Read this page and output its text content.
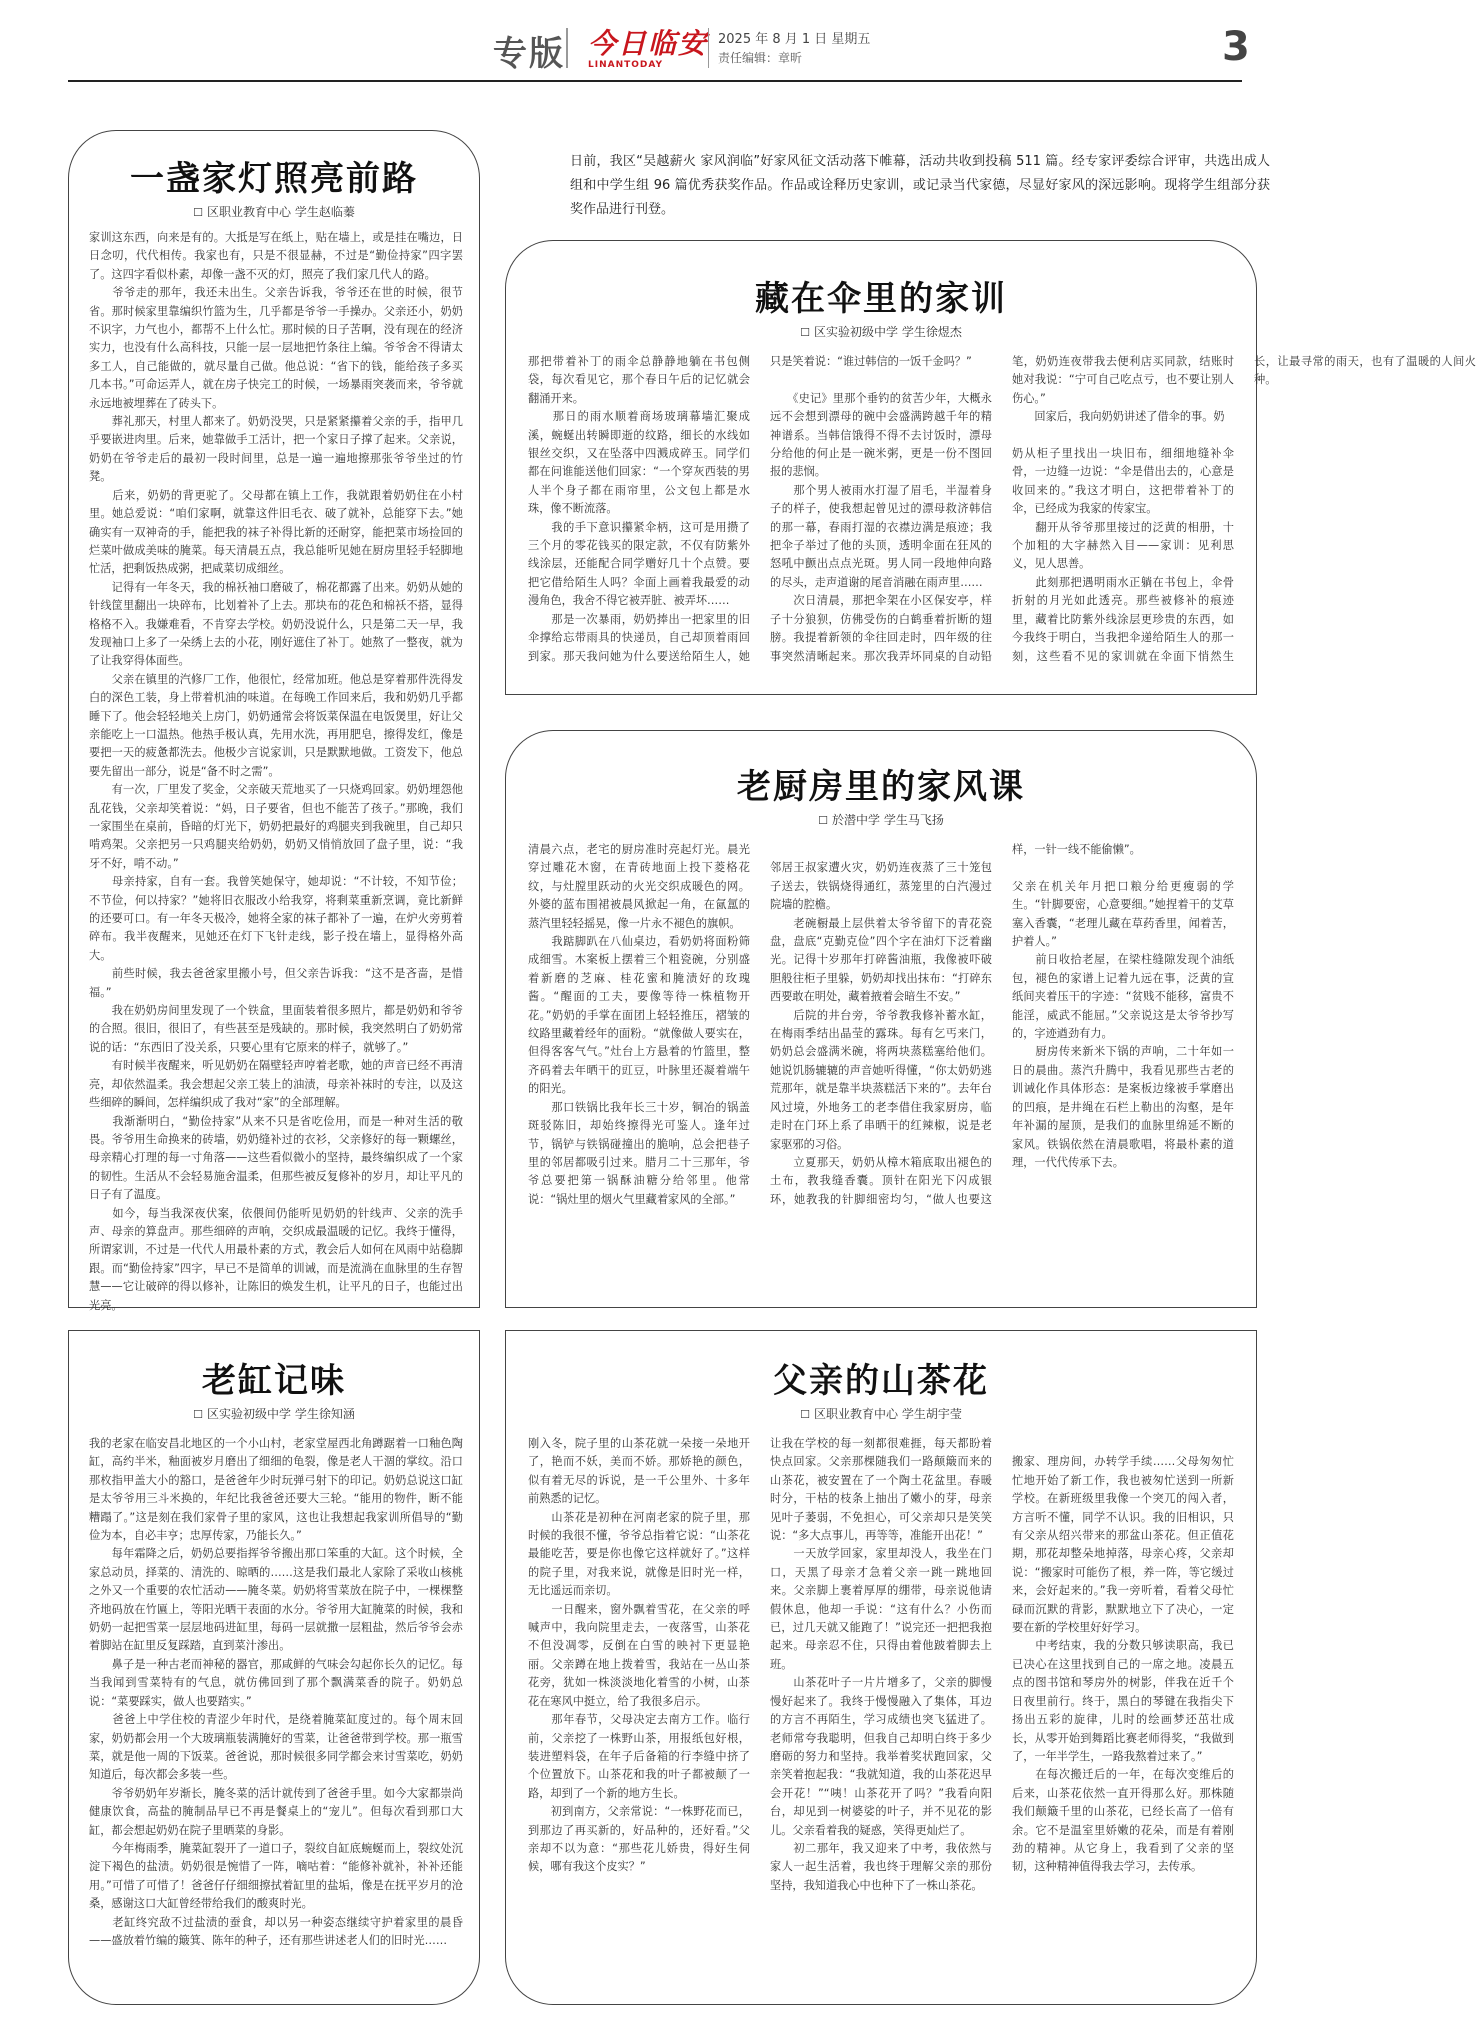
专版 今日临安
LINANTODAY
2025 年 8 月 1 日 星期五
责任编辑：章昕	3
日前，我区“吴越薪火 家风润临”好家风征文活动落下帷幕，活动共收到投稿 511 篇。经专家评委综合评审，共选出成人组和中学生组 96 篇优秀获奖作品。作品或诠释历史家训，或记录当代家德，尽显好家风的深远影响。现将学生组部分获奖作品进行刊登。
一盏家灯照亮前路
☐ 区职业教育中心 学生赵临蓁
家训这东西，向来是有的。大抵是写在纸上，贴在墙上，或是挂在嘴边，日日念叨，代代相传。我家也有，只是不很显赫，不过是“勤俭持家”四字罢了。这四字看似朴素，却像一盏不灭的灯，照亮了我们家几代人的路。
　　爷爷走的那年，我还未出生。父亲告诉我，爷爷还在世的时候，很节省。那时候家里靠编织竹篮为生，几乎都是爷爷一手操办。父亲还小，奶奶不识字，力气也小，都帮不上什么忙。那时候的日子苦啊，没有现在的经济实力，也没有什么高科技，只能一层一层地把竹条往上编。爷爷舍不得请太多工人，自己能做的，就尽量自己做。他总说：“省下的钱，能给孩子多买几本书。”可命运弄人，就在房子快完工的时候，一场暴雨突袭而来，爷爷就永远地被埋葬在了砖头下。
　　葬礼那天，村里人都来了。奶奶没哭，只是紧紧攥着父亲的手，指甲几乎要嵌进肉里。后来，她靠做手工活计，把一个家日子撑了起来。父亲说，奶奶在爷爷走后的最初一段时间里，总是一遍一遍地擦那张爷爷坐过的竹凳。
　　后来，奶奶的背更驼了。父母都在镇上工作，我就跟着奶奶住在小村里。她总爱说：“咱们家啊，就靠这件旧毛衣、破了就补，总能穿下去。”她确实有一双神奇的手，能把我的袜子补得比新的还耐穿，能把菜市场捡回的烂菜叶做成美味的腌菜。每天清晨五点，我总能听见她在厨房里轻手轻脚地忙活，把剩饭热成粥，把咸菜切成细丝。
　　记得有一年冬天，我的棉袄袖口磨破了，棉花都露了出来。奶奶从她的针线筐里翻出一块碎布，比划着补了上去。那块布的花色和棉袄不搭，显得格格不入。我嫌难看，不肯穿去学校。奶奶没说什么，只是第二天一早，我发现袖口上多了一朵绣上去的小花，刚好遮住了补丁。她熬了一整夜，就为了让我穿得体面些。
　　父亲在镇里的汽修厂工作，他很忙，经常加班。他总是穿着那件洗得发白的深色工装，身上带着机油的味道。在每晚工作回来后，我和奶奶几乎都睡下了。他会轻轻地关上房门，奶奶通常会将饭菜保温在电饭煲里，好让父亲能吃上一口温热。他热手极认真，先用水洗，再用肥皂，擦得发红，像是要把一天的疲惫都洗去。他极少言说家训，只是默默地做。工资发下，他总要先留出一部分，说是“备不时之需”。
　　有一次，厂里发了奖金，父亲破天荒地买了一只烧鸡回家。奶奶埋怨他乱花钱，父亲却笑着说：“妈，日子要省，但也不能苦了孩子。”那晚，我们一家围坐在桌前，昏暗的灯光下，奶奶把最好的鸡腿夹到我碗里，自己却只啃鸡架。父亲把另一只鸡腿夹给奶奶，奶奶又悄悄放回了盘子里，说：“我牙不好，啃不动。”
　　母亲持家，自有一套。我曾笑她保守，她却说：“不计较，不知节俭；不节俭，何以持家？”她将旧衣服改小给我穿，将剩菜重新烹调，竟比新鲜的还要可口。有一年冬天极冷，她将全家的袜子都补了一遍，在炉火旁剪着碎布。我半夜醒来，见她还在灯下飞针走线，影子投在墙上，显得格外高大。
　　前些时候，我去爸爸家里搬小号，但父亲告诉我：“这不是吝啬，是惜福。”
　　我在奶奶房间里发现了一个铁盒，里面装着很多照片，都是奶奶和爷爷的合照。很旧，很旧了，有些甚至是残缺的。那时候，我突然明白了奶奶常说的话：“东西旧了没关系，只要心里有它原来的样子，就够了。”
　　有时候半夜醒来，听见奶奶在隔壁轻声哼着老歌，她的声音已经不再清亮，却依然温柔。我会想起父亲工装上的油渍，母亲补袜时的专注，以及这些细碎的瞬间，怎样编织成了我对“家”的全部理解。
　　我渐渐明白，“勤俭持家”从来不只是省吃俭用，而是一种对生活的敬畏。爷爷用生命换来的砖墙，奶奶缝补过的衣衫，父亲修好的每一颗螺丝，母亲精心打理的每一寸角落——这些看似微小的坚持，最终编织成了一个家的韧性。生活从不会轻易施舍温柔，但那些被反复修补的岁月，却让平凡的日子有了温度。
　　如今，每当我深夜伏案，依偎间仍能听见奶奶的针线声、父亲的洗手声、母亲的算盘声。那些细碎的声响，交织成最温暖的记忆。我终于懂得，所谓家训，不过是一代代人用最朴素的方式，教会后人如何在风雨中站稳脚跟。而“勤俭持家”四字，早已不是简单的训诫，而是流淌在血脉里的生存智慧——它让破碎的得以修补，让陈旧的焕发生机，让平凡的日子，也能过出光亮。
藏在伞里的家训
☐ 区实验初级中学 学生徐煜杰
那把带着补丁的雨伞总静静地躺在书包侧袋，每次看见它，那个春日午后的记忆就会翻涌开来。
　　那日的雨水顺着商场玻璃幕墙汇聚成溪，蜿蜒出转瞬即逝的纹路，细长的水线如银丝交织，又在坠落中四溅成碎玉。同学们都在问谁能送他们回家：“一个穿灰西装的男人半个身子都在雨帘里，公文包上都是水珠，像不断流落。
　　我的手下意识攥紧伞柄，这可是用攒了三个月的零花钱买的限定款，不仅有防紫外线涂层，还能配合同学赠好几十个点赞。要把它借给陌生人吗？伞面上画着我最爱的动漫角色，我舍不得它被弄脏、被弄坏……
　　那是一次暴雨，奶奶捧出一把家里的旧伞撑给忘带雨具的快递员，自己却顶着雨回到家。那天我问她为什么要送给陌生人，她只是笑着说：“谁过韩信的一饭千金吗？”

　　《史记》里那个垂钓的贫苦少年，大概永远不会想到漂母的碗中会盛满跨越千年的精神谱系。当韩信饿得不得不去讨饭时，漂母分给他的何止是一碗米粥，更是一份不图回报的悲悯。
　　那个男人被雨水打湿了眉毛，半湿着身子的样子，使我想起曾见过的漂母救济韩信的那一幕，春雨打湿的衣襟边满是痕迹；我把伞子举过了他的头顶，透明伞面在狂风的怒吼中颤出点点光斑。男人同一段地伸向路的尽头，走声道谢的尾音消融在雨声里……
　　次日清晨，那把伞架在小区保安亭，样子十分狼狈，仿佛受伤的白鹤垂着折断的翅膀。我提着新领的伞往回走时，四年级的往事突然清晰起来。那次我弄坏同桌的自动铅笔，奶奶连夜带我去便利店买同款，结账时她对我说：“宁可自己吃点亏，也不要让别人伤心。”
　　回家后，我向奶奶讲述了借伞的事。奶

奶从柜子里找出一块旧布，细细地缝补伞骨，一边缝一边说：“伞是借出去的，心意是收回来的。”我这才明白，这把带着补丁的伞，已经成为我家的传家宝。
　　翻开从爷爷那里接过的泛黄的相册，十个加粗的大字赫然入目——家训：见利思义，见人思善。
　　此刻那把遇明雨水正躺在书包上，伞骨折射的月光如此透亮。那些被修补的痕迹里，藏着比防紫外线涂层更珍贵的东西，如今我终于明白，当我把伞递给陌生人的那一刻，这些看不见的家训就在伞面下悄然生长，让最寻常的雨天，也有了温暖的人间火种。
老厨房里的家风课
☐ 於潜中学 学生马飞扬
清晨六点，老宅的厨房准时亮起灯光。晨光穿过雕花木窗，在青砖地面上投下菱格花纹，与灶膛里跃动的火光交织成暖色的网。外婆的蓝布围裙被晨风掀起一角，在氤氲的蒸汽里轻轻摇晃，像一片永不褪色的旗帜。
　　我踮脚趴在八仙桌边，看奶奶将面粉筛成细雪。木案板上摆着三个粗瓷碗，分别盛着新磨的芝麻、桂花蜜和腌渍好的玫瑰酱。“醒面的工夫，要像等待一株植物开花。”奶奶的手掌在面团上轻轻推压，褶皱的纹路里藏着经年的面粉。“就像做人要实在，但得客客气气。”灶台上方悬着的竹篮里，整齐码着去年晒干的豇豆，叶脉里还凝着端午的阳光。
　　那口铁锅比我年长三十岁，铜冶的锅盖斑驳陈旧，却始终擦得光可鉴人。逢年过节，锅铲与铁锅碰撞出的脆响，总会把巷子里的邻居都吸引过来。腊月二十三那年，爷爷总要把第一锅酥油糖分给邻里。他常说：“锅灶里的烟火气里藏着家风的全部。”

邻居王叔家遭火灾，奶奶连夜蒸了三十笼包子送去，铁锅烧得通红，蒸笼里的白汽漫过院墙的腔檐。
　　老碗橱最上层供着太爷爷留下的青花瓷盘，盘底“克勤克俭”四个字在油灯下泛着幽光。记得十岁那年打碎酱油瓶，我像被吓破胆般往柜子里躲，奶奶却找出抹布：“打碎东西要敢在明处，藏着掖着会暗生不安。”
　　后院的井台旁，爷爷教我修补蓄水缸，在梅雨季结出晶莹的露珠。每有乞丐来门，奶奶总会盛满米碗，将两块蒸糕塞给他们。她说饥肠辘辘的声音她听得懂，“你太奶奶逃荒那年，就是靠半块蒸糕活下来的”。去年台风过境，外地务工的老李借住我家厨房，临走时在门环上系了串晒干的红辣椒，说是老家驱邪的习俗。
　　立夏那天，奶奶从樟木箱底取出褪色的土布，教我缝香囊。顶针在阳光下闪成银环，她教我的针脚细密均匀，“做人也要这样，一针一线不能偷懒”。

父亲在机关年月把口粮分给更瘦弱的学生。“针脚要密，心意要细。”她捏着干的艾草塞入香囊，“老理儿藏在草药香里，闻着苦，护着人。”
　　前日收拾老屋，在梁柱缝隙发现个油纸包，褪色的家谱上记着九远在事，泛黄的宣纸间夹着压干的字迹：“贫贱不能移，富贵不能淫，威武不能屈。”父亲说这是太爷爷抄写的，字迹遒劲有力。
　　厨房传来新米下锅的声响，二十年如一日的晨曲。蒸汽升腾中，我看见那些古老的训诫化作具体形态：是案板边缘被手掌磨出的凹痕，是井绳在石栏上勒出的沟壑，是年年补漏的屋顶，是我们的血脉里绵延不断的家风。铁锅依然在清晨歌唱，将最朴素的道理，一代代传承下去。
老缸记味
☐ 区实验初级中学 学生徐知涵
我的老家在临安昌北地区的一个小山村，老家堂屋西北角蹲踞着一口釉色陶缸，高约半米，釉面被岁月磨出了细细的龟裂，像是老人干涸的掌纹。沿口那枚指甲盖大小的豁口，是爸爸年少时玩弹弓射下的印记。奶奶总说这口缸是太爷爷用三斗米换的，年纪比我爸爸还要大三轮。“能用的物件，断不能糟蹋了。”这是刻在我们家骨子里的家风，这也让我想起我家训所倡导的“勤俭为本，自必丰亨；忠厚传家，乃能长久。”
　　每年霜降之后，奶奶总要指挥爷爷搬出那口笨重的大缸。这个时候，全家总动员，择菜的、清洗的、晾晒的……这是我们最北人家除了采收山核桃之外又一个重要的农忙活动——腌冬菜。奶奶将雪菜放在院子中，一棵棵整齐地码放在竹匾上，等阳光晒干表面的水分。爷爷用大缸腌菜的时候，我和奶奶一起把雪菜一层层地码进缸里，每码一层就撒一层粗盐，然后爷爷会赤着脚站在缸里反复踩踏，直到菜汁渗出。
　　鼻子是一种古老而神秘的器官，那咸鲜的气味会勾起你长久的记忆。每当我闻到雪菜特有的气息，就仿佛回到了那个飘满菜香的院子。奶奶总说：“菜要踩实，做人也要踏实。”
　　爸爸上中学住校的青涩少年时代，是绕着腌菜缸度过的。每个周末回家，奶奶都会用一个大玻璃瓶装满腌好的雪菜，让爸爸带到学校。那一瓶雪菜，就是他一周的下饭菜。爸爸说，那时候很多同学都会来讨雪菜吃，奶奶知道后，每次都会多装一些。
　　爷爷奶奶年岁渐长，腌冬菜的活计就传到了爸爸手里。如今大家都崇尚健康饮食，高盐的腌制品早已不再是餐桌上的“宠儿”。但每次看到那口大缸，都会想起奶奶在院子里晒菜的身影。
　　今年梅雨季，腌菜缸裂开了一道口子，裂纹自缸底蜿蜒而上，裂纹处沉淀下褐色的盐渍。奶奶很是惋惜了一阵，嘀咕着：“能修补就补，补补还能用。”可惜了可惜了！爸爸仔仔细细擦拭着缸里的盐垢，像是在抚平岁月的沧桑，感谢这口大缸曾经带给我们的酸爽时光。
　　老缸终究敌不过盐渍的蚕食，却以另一种姿态继续守护着家里的晨昏——盛放着竹编的簸箕、陈年的种子，还有那些讲述老人们的旧时光……
父亲的山茶花
☐ 区职业教育中心 学生胡宇莹
刚入冬，院子里的山茶花就一朵接一朵地开了，艳而不妖，美而不娇。那娇艳的颜色，似有着无尽的诉说，是一千公里外、十多年前熟悉的记忆。
　　山茶花是初种在河南老家的院子里，那时候的我很不懂，爷爷总指着它说：“山茶花最能吃苦，要是你也像它这样就好了。”这样的院子里，对我来说，就像是旧时光一样，无比遥远而亲切。
　　一日醒来，窗外飘着雪花，在父亲的呼喊声中，我向院里走去，一夜落雪，山茶花不但没凋零，反倒在白雪的映衬下更显艳丽。父亲蹲在地上拨着雪，我站在一丛山茶花旁，犹如一株淡淡地化着雪的小树，山茶花在寒风中挺立，给了我很多启示。
　　那年春节，父母决定去南方工作。临行前，父亲挖了一株野山茶，用报纸包好根，装进塑料袋，在年子后备箱的行李缝中挤了个位置放下。山茶花和我的叶子都被颠了一路，却到了一个新的地方生长。
　　初到南方，父亲常说：“一株野花而已，到那边了再买新的，好品种的，还好看。”父亲却不以为意：“那些花儿娇贵，得好生伺候，哪有我这个皮实？”

让我在学校的每一刻都很难捱，每天都盼着快点回家。父亲那棵随我们一路颠簸而来的山茶花，被安置在了一个陶土花盆里。春暖时分，干枯的枝条上抽出了嫩小的芽，母亲见叶子萎弱，不免担心，可父亲却只是笑笑说：“多大点事儿，再等等，准能开出花！”
　　一天放学回家，家里却没人，我坐在门口，天黑了母亲才急着父亲一跳一跳地回来。父亲脚上裹着厚厚的绷带，母亲说他请假休息，他却一手说：“这有什么？小伤而已，过几天就又能跑了！”说完还一把把我抱起来。母亲忍不住，只得由着他跛着脚去上班。
　　山茶花叶子一片片增多了，父亲的脚慢慢好起来了。我终于慢慢融入了集体，耳边的方言不再陌生，学习成绩也突飞猛进了。老师常夸我聪明，但我自己却明白终于多少磨砺的努力和坚持。我举着奖状跑回家，父亲笑着抱起我：“我就知道，我的山茶花迟早会开花！”“咦！山茶花开了吗？”我看向阳台，却见到一树婆娑的叶子，并不见花的影儿。父亲看着我的疑惑，笑得更灿烂了。
　　初二那年，我又迎来了中考，我依然与家人一起生活着，我也终于理解父亲的那份坚持，我知道我心中也种下了一株山茶花。

搬家、理房间，办转学手续……父母匆匆忙忙地开始了新工作，我也被匆忙送到一所新学校。在新班级里我像一个突兀的闯入者，方言听不懂，同学不认识。我的旧相识，只有父亲从绍兴带来的那盆山茶花。但正值花期，那花却整朵地掉落，母亲心疼，父亲却说：“搬家时可能伤了根，养一阵，等它缓过来，会好起来的。”我一旁听着，看着父母忙碌而沉默的背影，默默地立下了决心，一定要在新的学校里好好学习。
　　中考结束，我的分数只够读职高，我已已决心在这里找到自己的一席之地。凌晨五点的图书馆和琴房外的树影，伴我在近千个日夜里前行。终于，黑白的琴键在我指尖下扬出五彩的旋律，儿时的绘画梦还茁壮成长，从零开始到舞蹈比赛老师得奖，“我做到了，一年半学生，一路我熬着过来了。”
　　在每次搬迁后的一年，在每次变维后的后来，山茶花依然一直开得那么好。那株随我们颠簸千里的山茶花，已经长高了一倍有余。它不是温室里娇嫩的花朵，而是有着刚劲的精神。从它身上，我看到了父亲的坚韧，这种精神值得我去学习，去传承。
